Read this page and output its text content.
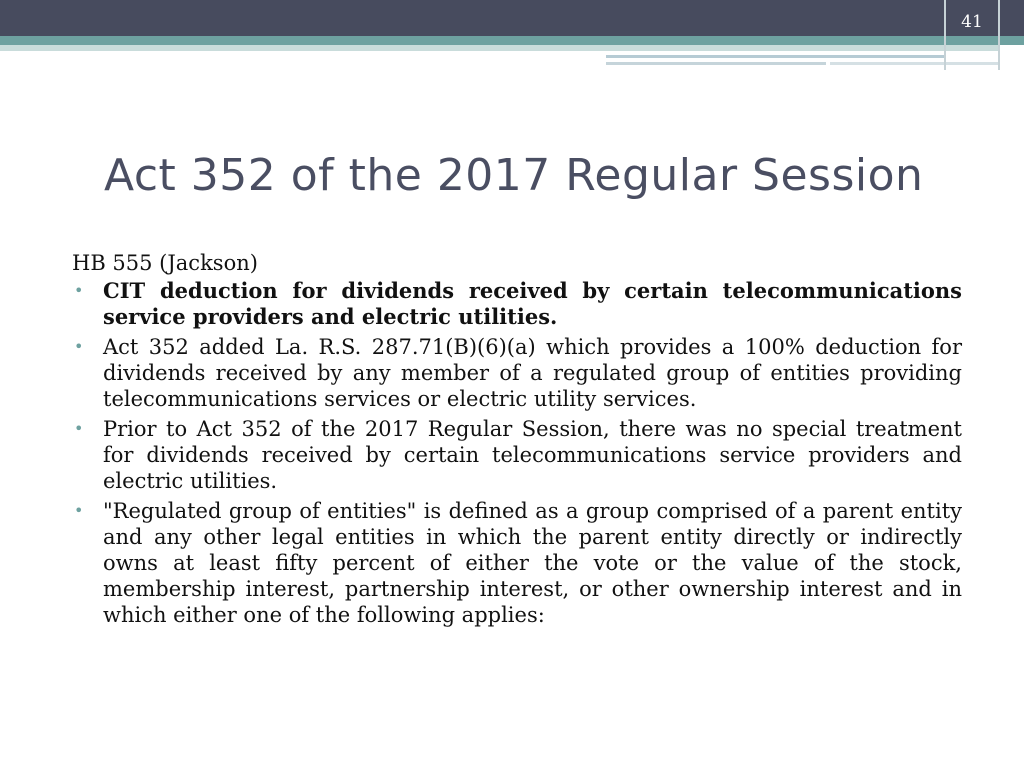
41
Act 352 of the 2017 Regular Session

HB 555 (Jackson)

• CIT deduction for dividends received by certain telecommunications service providers and electric utilities.
• Act 352 added La. R.S. 287.71(B)(6)(a) which provides a 100% deduction for dividends received by any member of a regulated group of entities providing telecommunications services or electric utility services.
• Prior to Act 352 of the 2017 Regular Session, there was no special treatment for dividends received by certain telecommunications service providers and electric utilities.
• "Regulated group of entities" is defined as a group comprised of a parent entity and any other legal entities in which the parent entity directly or indirectly owns at least fifty percent of either the vote or the value of the stock, membership interest, partnership interest, or other ownership interest and in which either one of the following applies:
